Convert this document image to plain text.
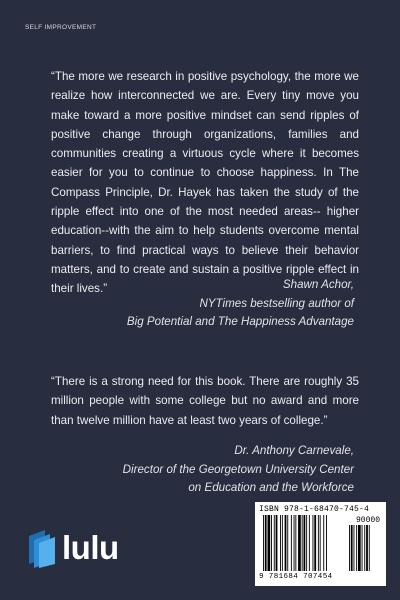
SELF IMPROVEMENT
“The more we research in positive psychology, the more we realize how interconnected we are. Every tiny move you make toward a more positive mindset can send ripples of positive change through organizations, families and communities creating a virtuous cycle where it becomes easier for you to continue to choose happiness. In The Compass Principle, Dr. Hayek has taken the study of the ripple effect into one of the most needed areas-- higher education--with the aim to help students overcome mental barriers, to find practical ways to believe their behavior matters, and to create and sustain a positive ripple effect in their lives.”	Shawn Achor,
NYTimes bestselling author of
Big Potential and The Happiness Advantage
“There is a strong need for this book. There are roughly 35 million people with some college but no award and more than twelve million have at least two years of college.”
Dr. Anthony Carnevale,
Director of the Georgetown University Center
on Education and the Workforce
lulu
ISBN 978-1-68470-745-4
90000
9 781684 707454
